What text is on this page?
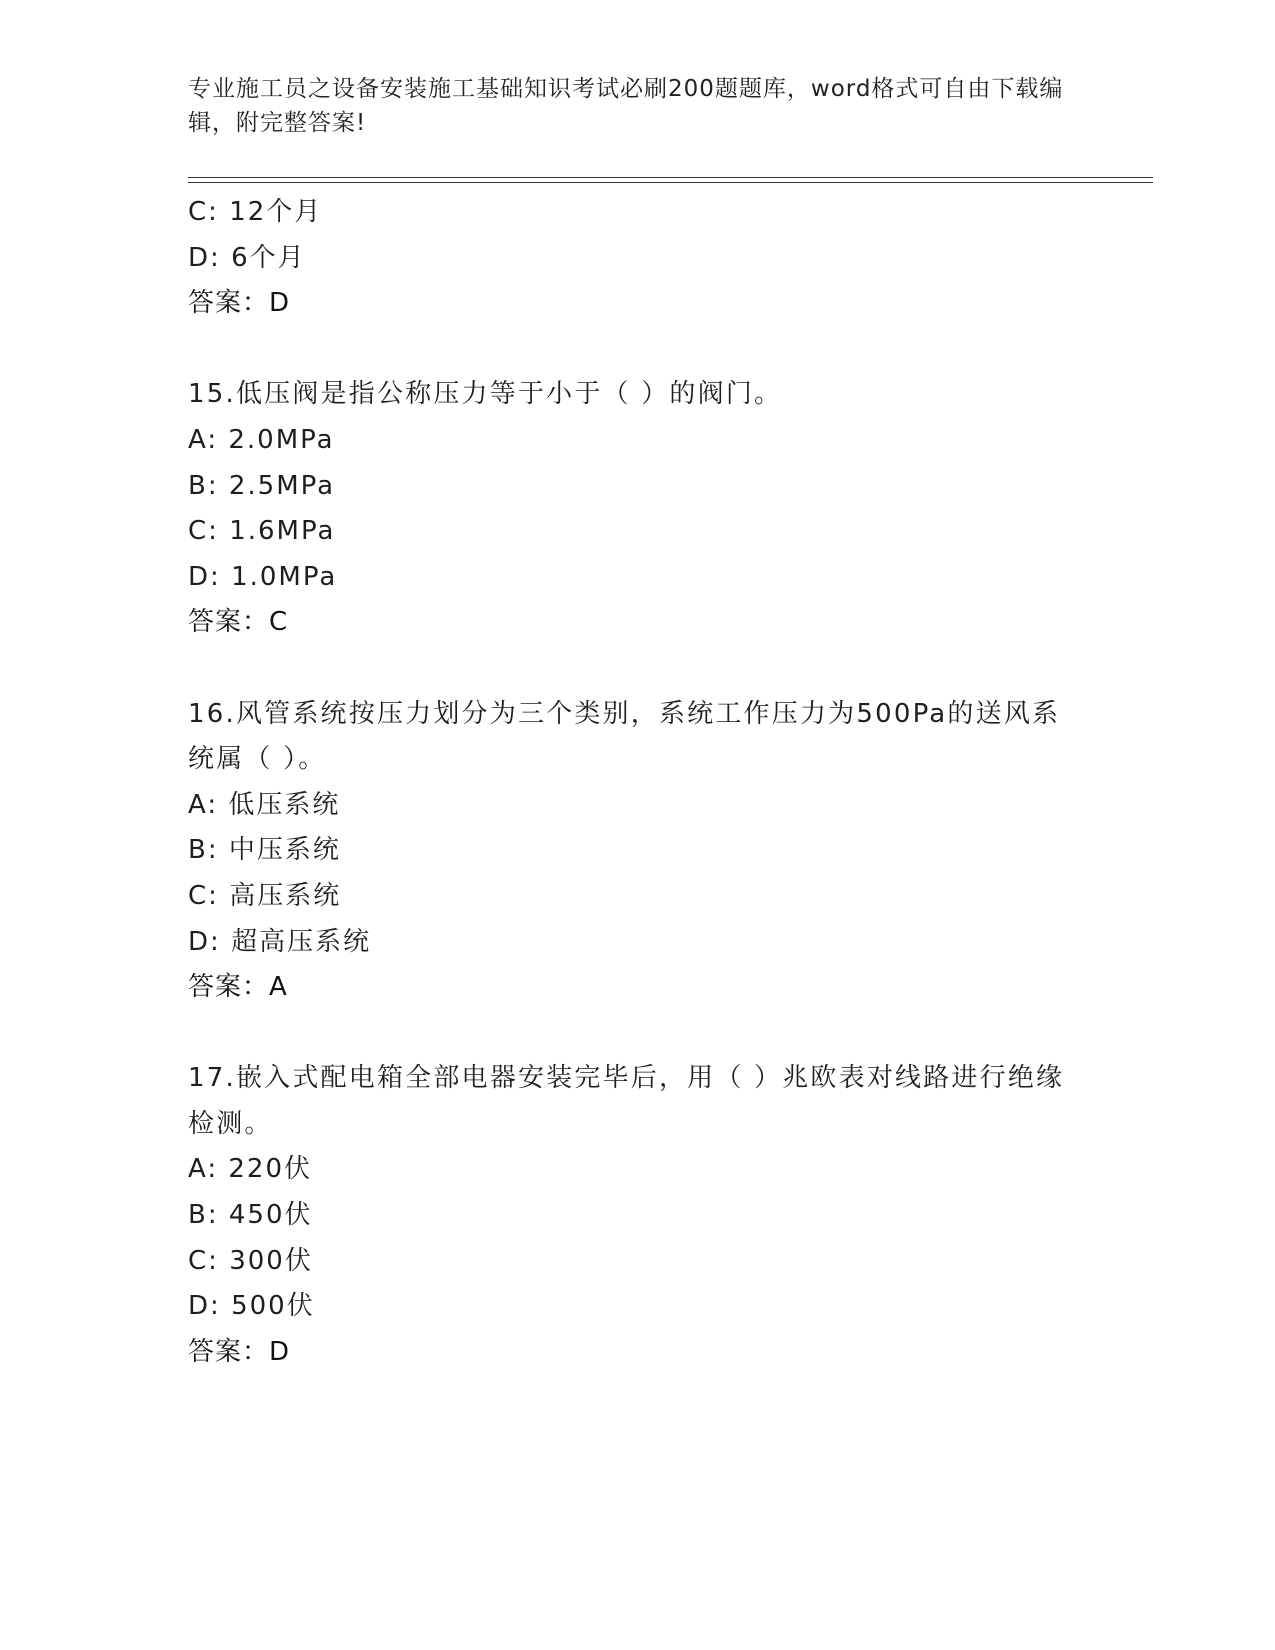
专业施工员之设备安装施工基础知识考试必刷200题题库，word格式可自由下载编辑，附完整答案!
C: 12个月
D: 6个月
答案：D
15.低压阀是指公称压力等于小于（ ）的阀门。
A: 2.0MPa
B: 2.5MPa
C: 1.6MPa
D: 1.0MPa
答案：C
16.风管系统按压力划分为三个类别，系统工作压力为500Pa的送风系统属（ ）。
A: 低压系统
B: 中压系统
C: 高压系统
D: 超高压系统
答案：A
17.嵌入式配电箱全部电器安装完毕后，用（ ）兆欧表对线路进行绝缘检测。
A: 220伏
B: 450伏
C: 300伏
D: 500伏
答案：D
